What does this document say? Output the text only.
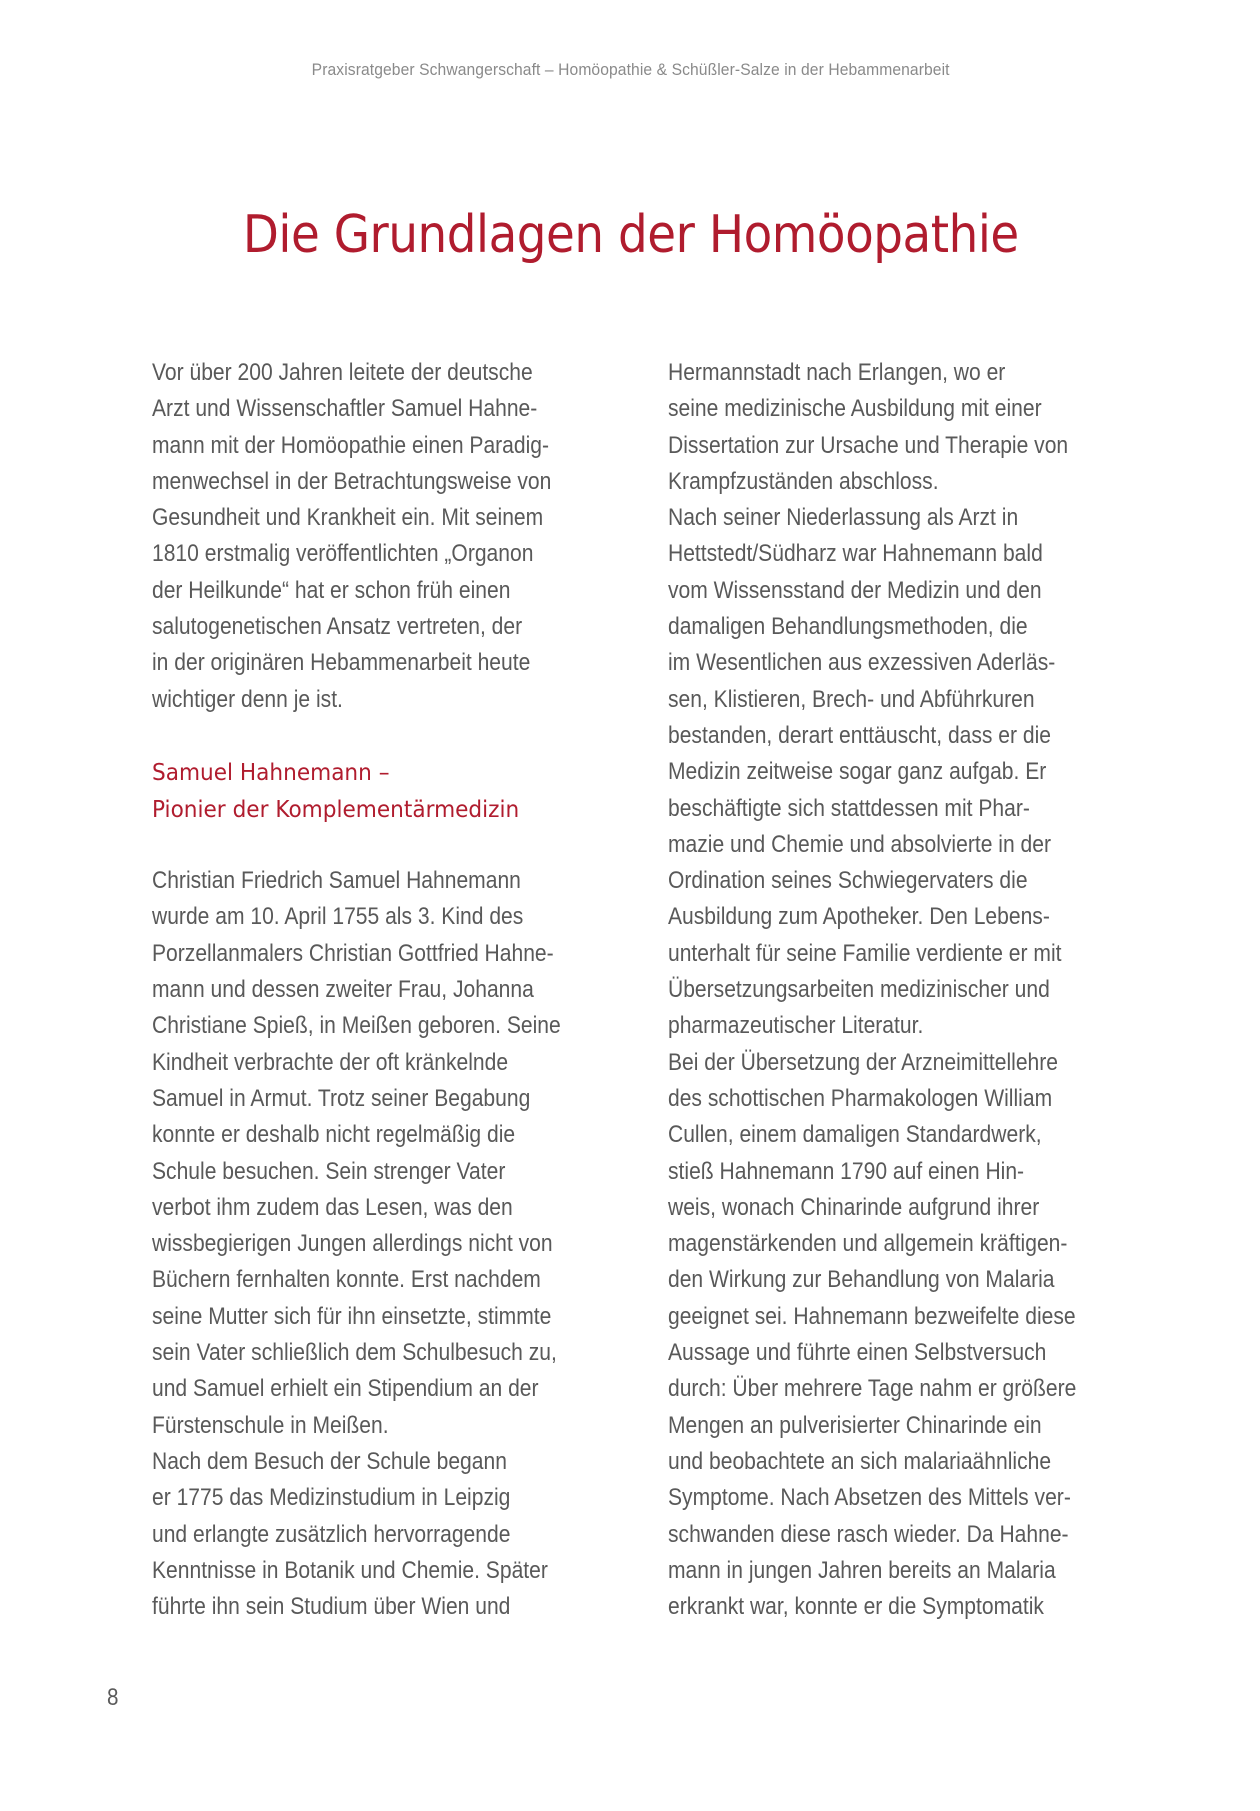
Praxisratgeber Schwangerschaft – Homöopathie & Schüßler-Salze in der Hebammenarbeit
Die Grundlagen der Homöopathie
Vor über 200 Jahren leitete der deutsche
Arzt und Wissenschaftler Samuel Hahne-
mann mit der Homöopathie einen Paradig-
menwechsel in der Betrachtungsweise von
Gesundheit und Krankheit ein. Mit seinem
1810 erstmalig veröffentlichten „Organon
der Heilkunde“ hat er schon früh einen
salutogenetischen Ansatz vertreten, der
in der originären Hebammenarbeit heute
wichtiger denn je ist.
Samuel Hahnemann –
Pionier der Komplementärmedizin
Christian Friedrich Samuel Hahnemann
wurde am 10. April 1755 als 3. Kind des
Porzellanmalers Christian Gottfried Hahne-
mann und dessen zweiter Frau, Johanna
Christiane Spieß, in Meißen geboren. Seine
Kindheit verbrachte der oft kränkelnde
Samuel in Armut. Trotz seiner Begabung
konnte er deshalb nicht regelmäßig die
Schule besuchen. Sein strenger Vater
verbot ihm zudem das Lesen, was den
wissbegierigen Jungen allerdings nicht von
Büchern fernhalten konnte. Erst nachdem
seine Mutter sich für ihn einsetzte, stimmte
sein Vater schließlich dem Schulbesuch zu,
und Samuel erhielt ein Stipendium an der
Fürstenschule in Meißen.
Nach dem Besuch der Schule begann
er 1775 das Medizinstudium in Leipzig
und erlangte zusätzlich hervorragende
Kenntnisse in Botanik und Chemie. Später
führte ihn sein Studium über Wien und
Hermannstadt nach Erlangen, wo er
seine medizinische Ausbildung mit einer
Dissertation zur Ursache und Therapie von
Krampfzuständen abschloss.
Nach seiner Niederlassung als Arzt in
Hettstedt/Südharz war Hahnemann bald
vom Wissensstand der Medizin und den
damaligen Behandlungsmethoden, die
im Wesentlichen aus exzessiven Aderläs-
sen, Klistieren, Brech- und Abführkuren
bestanden, derart enttäuscht, dass er die
Medizin zeitweise sogar ganz aufgab. Er
beschäftigte sich stattdessen mit Phar-
mazie und Chemie und absolvierte in der
Ordination seines Schwiegervaters die
Ausbildung zum Apotheker. Den Lebens-
unterhalt für seine Familie verdiente er mit
Übersetzungsarbeiten medizinischer und
pharmazeutischer Literatur.
Bei der Übersetzung der Arzneimittellehre
des schottischen Pharmakologen William
Cullen, einem damaligen Standardwerk,
stieß Hahnemann 1790 auf einen Hin-
weis, wonach Chinarinde aufgrund ihrer
magenstärkenden und allgemein kräftigen-
den Wirkung zur Behandlung von Malaria
geeignet sei. Hahnemann bezweifelte diese
Aussage und führte einen Selbstversuch
durch: Über mehrere Tage nahm er größere
Mengen an pulverisierter Chinarinde ein
und beobachtete an sich malariaähnliche
Symptome. Nach Absetzen des Mittels ver-
schwanden diese rasch wieder. Da Hahne-
mann in jungen Jahren bereits an Malaria
erkrankt war, konnte er die Symptomatik
8
